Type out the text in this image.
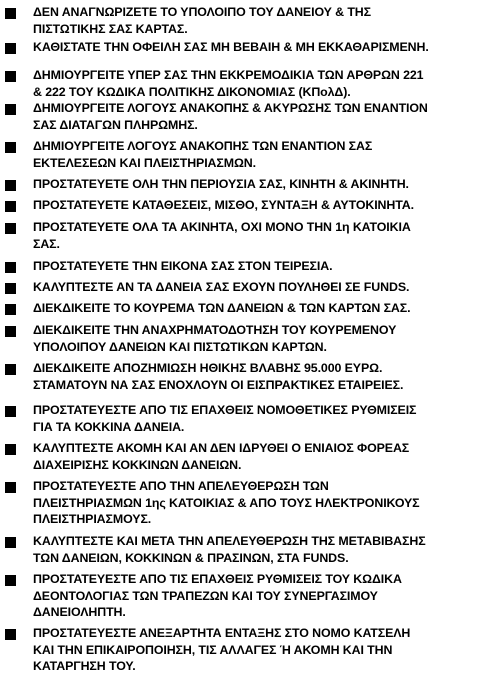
ΔΕΝ ΑΝΑΓΝΩΡΙΖΕΤΕ ΤΟ ΥΠΟΛΟΙΠΟ ΤΟΥ ΔΑΝΕΙΟΥ & ΤΗΣ
ΠΙΣΤΩΤΙΚΗΣ ΣΑΣ ΚΑΡΤΑΣ.
ΚΑΘΙΣΤΑΤΕ ΤΗΝ ΟΦΕΙΛΗ ΣΑΣ ΜΗ ΒΕΒΑΙΗ & ΜΗ ΕΚΚΑΘΑΡΙΣΜΕΝΗ.
ΔΗΜΙΟΥΡΓΕΙΤΕ ΥΠΕΡ ΣΑΣ ΤΗΝ ΕΚΚΡΕΜΟΔΙΚΙΑ ΤΩΝ ΑΡΘΡΩΝ 221
& 222 ΤΟΥ ΚΩΔΙΚΑ ΠΟΛΙΤΙΚΗΣ ΔΙΚΟΝΟΜΙΑΣ (ΚΠολΔ).
ΔΗΜΙΟΥΡΓΕΙΤΕ ΛΟΓΟΥΣ ΑΝΑΚΟΠΗΣ & ΑΚΥΡΩΣΗΣ ΤΩΝ ΕΝΑΝΤΙΟΝ
ΣΑΣ ΔΙΑΤΑΓΩΝ ΠΛΗΡΩΜΗΣ.
ΔΗΜΙΟΥΡΓΕΙΤΕ ΛΟΓΟΥΣ ΑΝΑΚΟΠΗΣ ΤΩΝ ΕΝΑΝΤΙΟΝ ΣΑΣ
ΕΚΤΕΛΕΣΕΩΝ ΚΑΙ ΠΛΕΙΣΤΗΡΙΑΣΜΩΝ.
ΠΡΟΣΤΑΤΕΥΕΤΕ ΟΛΗ ΤΗΝ ΠΕΡΙΟΥΣΙΑ ΣΑΣ, ΚΙΝΗΤΗ & ΑΚΙΝΗΤΗ.
ΠΡΟΣΤΑΤΕΥΕΤΕ ΚΑΤΑΘΕΣΕΙΣ, ΜΙΣΘΟ, ΣΥΝΤΑΞΗ & ΑΥΤΟΚΙΝΗΤΑ.
ΠΡΟΣΤΑΤΕΥΕΤΕ ΟΛΑ ΤΑ ΑΚΙΝΗΤΑ, ΟΧΙ ΜΟΝΟ ΤΗΝ 1η ΚΑΤΟΙΚΙΑ
ΣΑΣ.
ΠΡΟΣΤΑΤΕΥΕΤΕ ΤΗΝ ΕΙΚΟΝΑ ΣΑΣ ΣΤΟΝ ΤΕΙΡΕΣΙΑ.
ΚΑΛΥΠΤΕΣΤΕ ΑΝ ΤΑ ΔΑΝΕΙΑ ΣΑΣ ΕΧΟΥΝ ΠΟΥΛΗΘΕΙ ΣΕ FUNDS.
ΔΙΕΚΔΙΚΕΙΤΕ ΤΟ ΚΟΥΡΕΜΑ ΤΩΝ ΔΑΝΕΙΩΝ & ΤΩΝ ΚΑΡΤΩΝ ΣΑΣ.
ΔΙΕΚΔΙΚΕΙΤΕ ΤΗΝ ΑΝΑΧΡΗΜΑΤΟΔΟΤΗΣΗ ΤΟΥ ΚΟΥΡΕΜΕΝΟΥ
ΥΠΟΛΟΙΠΟΥ ΔΑΝΕΙΩΝ ΚΑΙ ΠΙΣΤΩΤΙΚΩΝ ΚΑΡΤΩΝ.
ΔΙΕΚΔΙΚΕΙΤΕ ΑΠΟΖΗΜΙΩΣΗ ΗΘΙΚΗΣ ΒΛΑΒΗΣ 95.000 ΕΥΡΩ.
ΣΤΑΜΑΤΟΥΝ ΝΑ ΣΑΣ ΕΝΟΧΛΟΥΝ ΟΙ ΕΙΣΠΡΑΚΤΙΚΕΣ ΕΤΑΙΡΕΙΕΣ.
ΠΡΟΣΤΑΤΕΥΕΣΤΕ ΑΠΟ ΤΙΣ ΕΠΑΧΘΕΙΣ ΝΟΜΟΘΕΤΙΚΕΣ ΡΥΘΜΙΣΕΙΣ
ΓΙΑ ΤΑ ΚΟΚΚΙΝΑ ΔΑΝΕΙΑ.
ΚΑΛΥΠΤΕΣΤΕ ΑΚΟΜΗ ΚΑΙ ΑΝ ΔΕΝ ΙΔΡΥΘΕΙ Ο ΕΝΙΑΙΟΣ ΦΟΡΕΑΣ
ΔΙΑΧΕΙΡΙΣΗΣ ΚΟΚΚΙΝΩΝ ΔΑΝΕΙΩΝ.
ΠΡΟΣΤΑΤΕΥΕΣΤΕ ΑΠΟ ΤΗΝ ΑΠΕΛΕΥΘΕΡΩΣΗ ΤΩΝ
ΠΛΕΙΣΤΗΡΙΑΣΜΩΝ 1ης ΚΑΤΟΙΚΙΑΣ & ΑΠΟ ΤΟΥΣ ΗΛΕΚΤΡΟΝΙΚΟΥΣ
ΠΛΕΙΣΤΗΡΙΑΣΜΟΥΣ.
ΚΑΛΥΠΤΕΣΤΕ ΚΑΙ ΜΕΤΑ ΤΗΝ ΑΠΕΛΕΥΘΕΡΩΣΗ ΤΗΣ ΜΕΤΑΒΙΒΑΣΗΣ
ΤΩΝ ΔΑΝΕΙΩΝ, ΚΟΚΚΙΝΩΝ & ΠΡΑΣΙΝΩΝ, ΣΤΑ FUNDS.
ΠΡΟΣΤΑΤΕΥΕΣΤΕ ΑΠΟ ΤΙΣ ΕΠΑΧΘΕΙΣ ΡΥΘΜΙΣΕΙΣ ΤΟΥ ΚΩΔΙΚΑ
ΔΕΟΝΤΟΛΟΓΙΑΣ ΤΩΝ ΤΡΑΠΕΖΩΝ ΚΑΙ ΤΟΥ ΣΥΝΕΡΓΑΣΙΜΟΥ
ΔΑΝΕΙΟΛΗΠΤΗ.
ΠΡΟΣΤΑΤΕΥΕΣΤΕ ΑΝΕΞΑΡΤΗΤΑ ΕΝΤΑΞΗΣ ΣΤΟ ΝΟΜΟ ΚΑΤΣΕΛΗ
ΚΑΙ ΤΗΝ ΕΠΙΚΑΙΡΟΠΟΙΗΣΗ, ΤΙΣ ΑΛΛΑΓΕΣ Ή ΑΚΟΜΗ ΚΑΙ ΤΗΝ
ΚΑΤΑΡΓΗΣΗ ΤΟΥ.
